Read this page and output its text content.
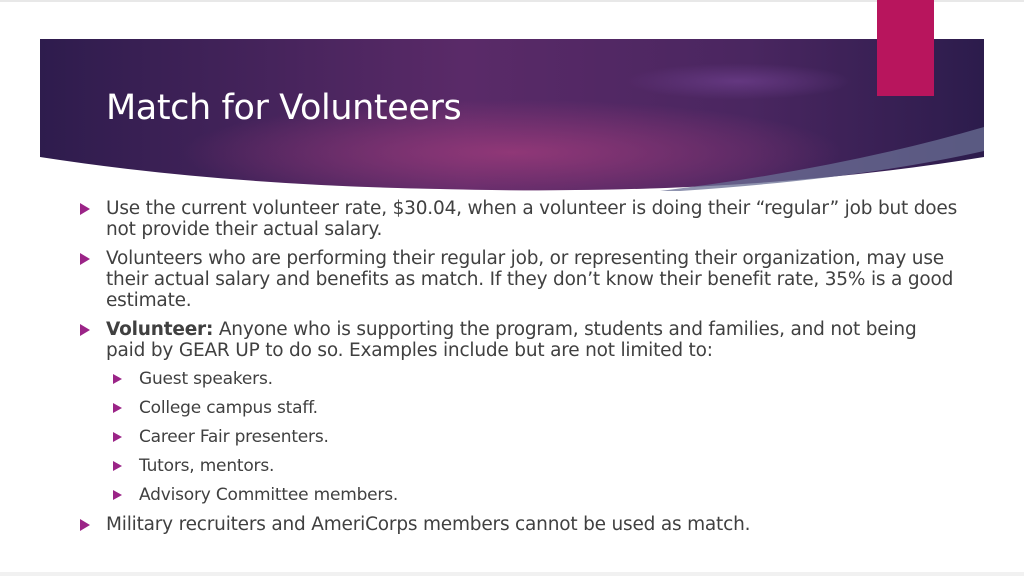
Match for Volunteers
Use the current volunteer rate, $30.04, when a volunteer is doing their “regular” job but does not provide their actual salary.
Volunteers who are performing their regular job, or representing their organization, may use their actual salary and benefits as match. If they don’t know their benefit rate, 35% is a good estimate.
Volunteer: Anyone who is supporting the program, students and families, and not being paid by GEAR UP to do so. Examples include but are not limited to:
Guest speakers.
College campus staff.
Career Fair presenters.
Tutors, mentors.
Advisory Committee members.
Military recruiters and AmeriCorps members cannot be used as match.
